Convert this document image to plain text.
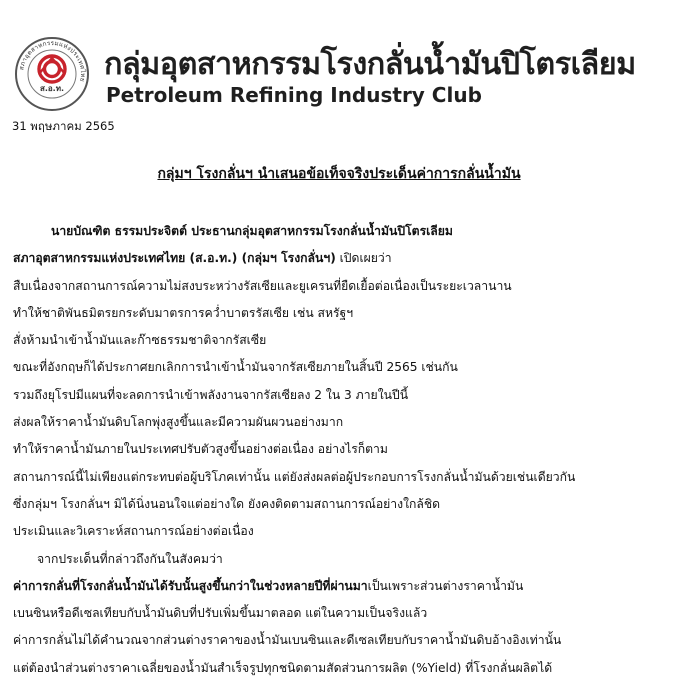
สภาอุตสาหกรรมแห่งประเทศไทย
ส.อ.ท.
กลุ่มอุตสาหกรรมโรงกลั่นน้ำมันปิโตรเลียม
Petroleum Refining Industry Club
31 พฤษภาคม 2565
กลุ่มฯ โรงกลั่นฯ นำเสนอข้อเท็จจริงประเด็นค่าการกลั่นน้ำมัน
นายบัณฑิต ธรรมประจิตต์ ประธานกลุ่มอุตสาหกรรมโรงกลั่นน้ำมันปิโตรเลียม
สภาอุตสาหกรรมแห่งประเทศไทย (ส.อ.ท.) (กลุ่มฯ โรงกลั่นฯ) เปิดเผยว่า
สืบเนื่องจากสถานการณ์ความไม่สงบระหว่างรัสเซียและยูเครนที่ยืดเยื้อต่อเนื่องเป็นระยะเวลานาน
ทำให้ชาติพันธมิตรยกระดับมาตรการคว่ำบาตรรัสเซีย เช่น สหรัฐฯ
สั่งห้ามนำเข้าน้ำมันและก๊าซธรรมชาติจากรัสเซีย
ขณะที่อังกฤษก็ได้ประกาศยกเลิกการนำเข้าน้ำมันจากรัสเซียภายในสิ้นปี 2565 เช่นกัน
รวมถึงยุโรปมีแผนที่จะลดการนำเข้าพลังงานจากรัสเซียลง 2 ใน 3 ภายในปีนี้
ส่งผลให้ราคาน้ำมันดิบโลกพุ่งสูงขึ้นและมีความผันผวนอย่างมาก
ทำให้ราคาน้ำมันภายในประเทศปรับตัวสูงขึ้นอย่างต่อเนื่อง อย่างไรก็ตาม
สถานการณ์นี้ไม่เพียงแต่กระทบต่อผู้บริโภคเท่านั้น แต่ยังส่งผลต่อผู้ประกอบการโรงกลั่นน้ำมันด้วยเช่นเดียวกัน
ซึ่งกลุ่มฯ โรงกลั่นฯ มิได้นิ่งนอนใจแต่อย่างใด ยังคงติดตามสถานการณ์อย่างใกล้ชิด
ประเมินและวิเคราะห์สถานการณ์อย่างต่อเนื่อง
จากประเด็นที่กล่าวถึงกันในสังคมว่า
ค่าการกลั่นที่โรงกลั่นน้ำมันได้รับนั้นสูงขึ้นกว่าในช่วงหลายปีที่ผ่านมาเป็นเพราะส่วนต่างราคาน้ำมัน
เบนซินหรือดีเซลเทียบกับน้ำมันดิบที่ปรับเพิ่มขึ้นมาตลอด แต่ในความเป็นจริงแล้ว
ค่าการกลั่นไม่ได้คำนวณจากส่วนต่างราคาของน้ำมันเบนซินและดีเซลเทียบกับราคาน้ำมันดิบอ้างอิงเท่านั้น
แต่ต้องนำส่วนต่างราคาเฉลี่ยของน้ำมันสำเร็จรูปทุกชนิดตามสัดส่วนการผลิต (%Yield) ที่โรงกลั่นผลิตได้
